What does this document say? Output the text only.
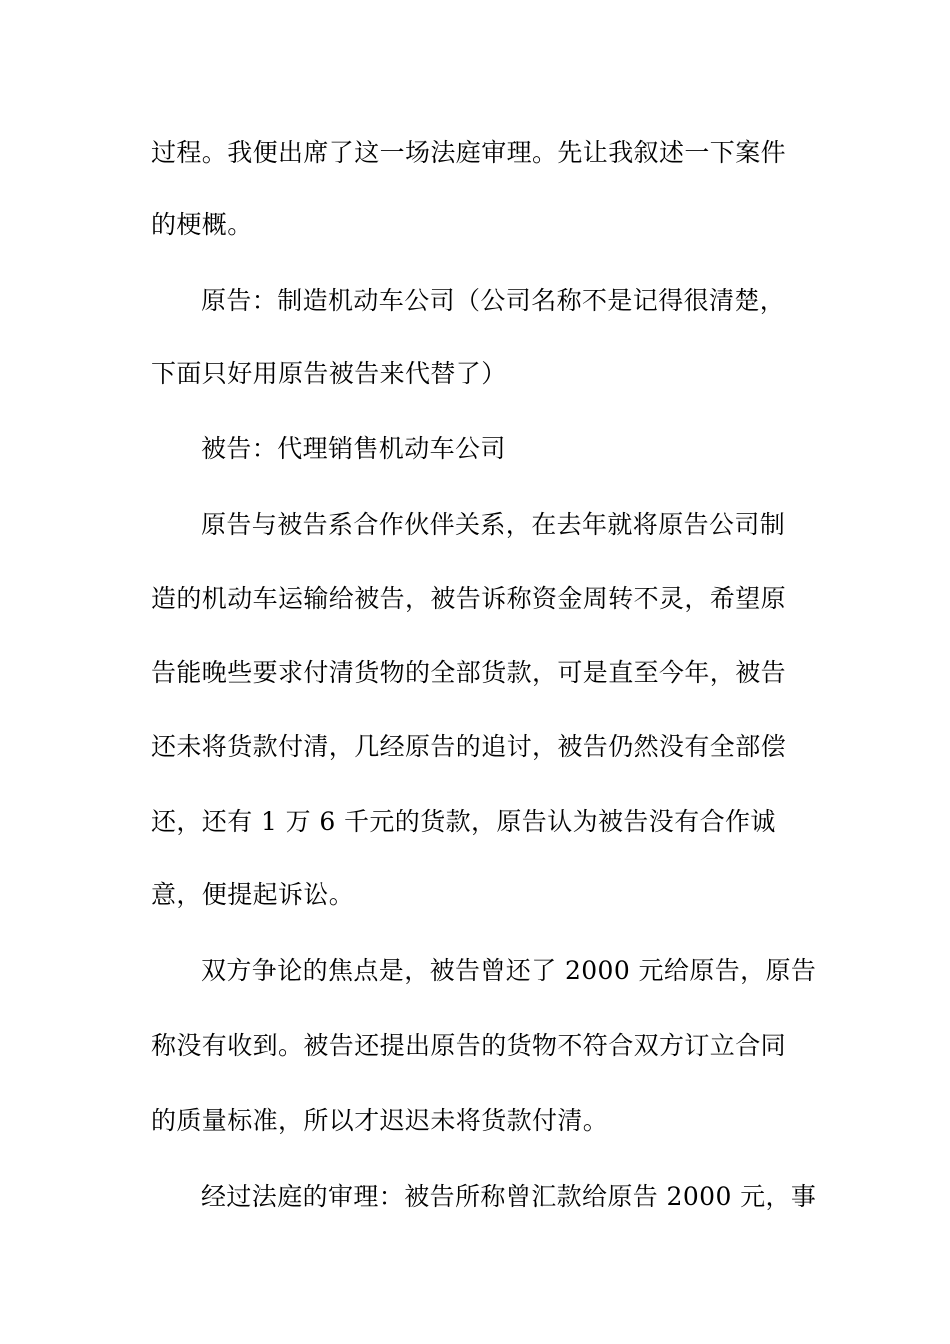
过程。我便出席了这一场法庭审理。先让我叙述一下案件
的梗概。
原告：制造机动车公司（公司名称不是记得很清楚，
下面只好用原告被告来代替了）
被告：代理销售机动车公司
原告与被告系合作伙伴关系，在去年就将原告公司制
造的机动车运输给被告，被告诉称资金周转不灵，希望原
告能晚些要求付清货物的全部货款，可是直至今年，被告
还未将货款付清，几经原告的追讨，被告仍然没有全部偿
还，还有 1 万 6 千元的货款，原告认为被告没有合作诚
意，便提起诉讼。
双方争论的焦点是，被告曾还了 2000 元给原告，原告
称没有收到。被告还提出原告的货物不符合双方订立合同
的质量标准，所以才迟迟未将货款付清。
经过法庭的审理：被告所称曾汇款给原告 2000 元，事
